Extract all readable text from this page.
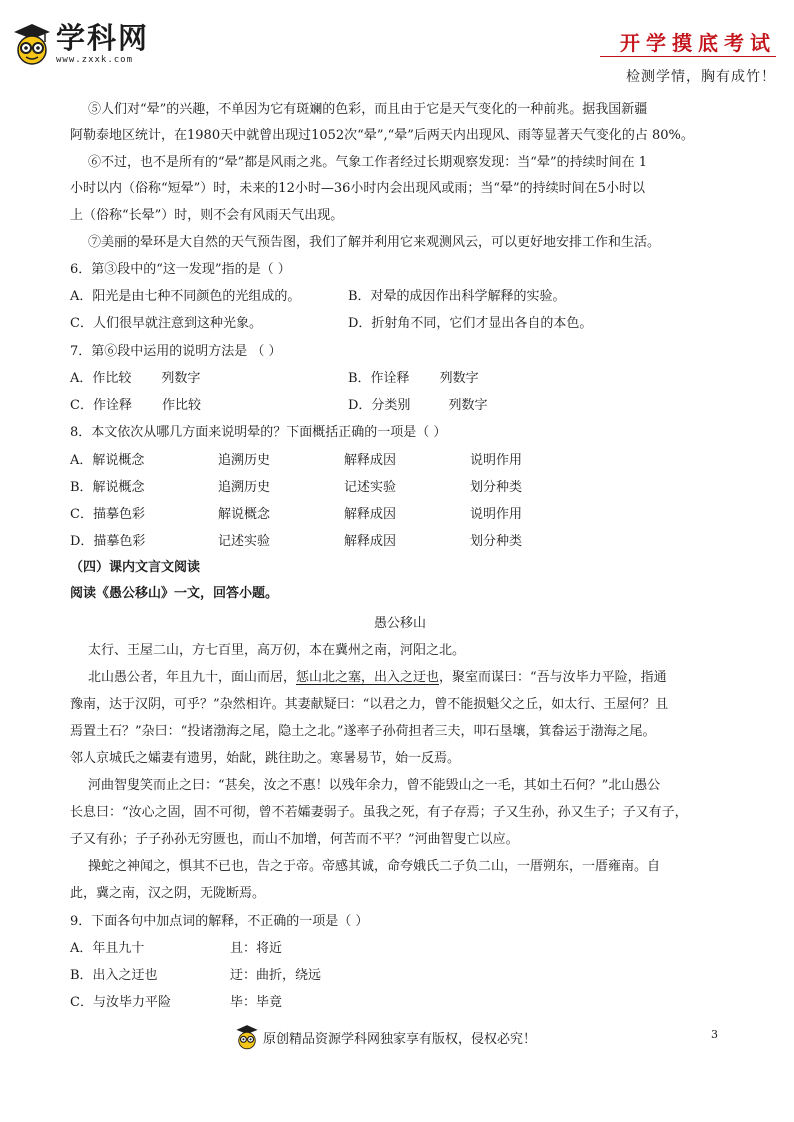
学科网
www.zxxk.com
开学摸底考试
检测学情，胸有成竹！
⑤人们对“晕”的兴趣，不单因为它有斑斓的色彩，而且由于它是天气变化的一种前兆。据我国新疆
阿勒泰地区统计，在1980天中就曾出现过1052次“晕”,“晕”后两天内出现风、雨等显著天气变化的占 80%。
⑥不过，也不是所有的“晕”都是风雨之兆。气象工作者经过长期观察发现：当“晕”的持续时间在 1
小时以内（俗称“短晕”）时，未来的12小时—36小时内会出现风或雨；当“晕”的持续时间在5小时以
上（俗称“长晕”）时，则不会有风雨天气出现。
⑦美丽的晕环是大自然的天气预告图，我们了解并利用它来观测风云，可以更好地安排工作和生活。
6．第③段中的“这一发现”指的是（ ）
A．阳光是由七种不同颜色的光组成的。	B．对晕的成因作出科学解释的实验。
C．人们很早就注意到这种光象。	D．折射角不同，它们才显出各自的本色。
7．第⑥段中运用的说明方法是 （ ）
A．作比较 列数字	B．作诠释 列数字
C．作诠释 作比较	D．分类别	列数字
8．本文依次从哪几方面来说明晕的？下面概括正确的一项是（ ）
A．解说概念	追溯历史	解释成因	说明作用
B．解说概念	追溯历史	记述实验	划分种类
C．描摹色彩	解说概念	解释成因	说明作用
D．描摹色彩	记述实验	解释成因	划分种类
（四）课内文言文阅读
阅读《愚公移山》一文，回答小题。
愚公移山
太行、王屋二山，方七百里，高万仞，本在冀州之南，河阳之北。
北山愚公者，年且九十，面山而居，惩山北之塞，出入之迂也，聚室而谋曰：“吾与汝毕力平险，指通
豫南，达于汉阴，可乎？”杂然相许。其妻献疑曰：“以君之力，曾不能损魁父之丘，如太行、王屋何？且
焉置土石？”杂曰：“投诸渤海之尾，隐土之北。”遂率子孙荷担者三夫，叩石垦壤，箕畚运于渤海之尾。
邻人京城氏之孀妻有遗男，始龀，跳往助之。寒暑易节，始一反焉。
河曲智叟笑而止之曰：“甚矣，汝之不惠！以残年余力，曾不能毁山之一毛，其如土石何？”北山愚公
长息曰：“汝心之固，固不可彻，曾不若孀妻弱子。虽我之死，有子存焉；子又生孙，孙又生子；子又有子，
子又有孙；子子孙孙无穷匮也，而山不加增，何苦而不平？”河曲智叟亡以应。
操蛇之神闻之，惧其不已也，告之于帝。帝感其诚，命夸娥氏二子负二山，一厝朔东，一厝雍南。自
此，冀之南，汉之阴，无陇断焉。
9．下面各句中加点词的解释，不正确的一项是（ ）
A．年且九十	且：将近
B．出入之迂也	迂：曲折，绕远
C．与汝毕力平险	毕：毕竟
原创精品资源学科网独家享有版权，侵权必究！	3
